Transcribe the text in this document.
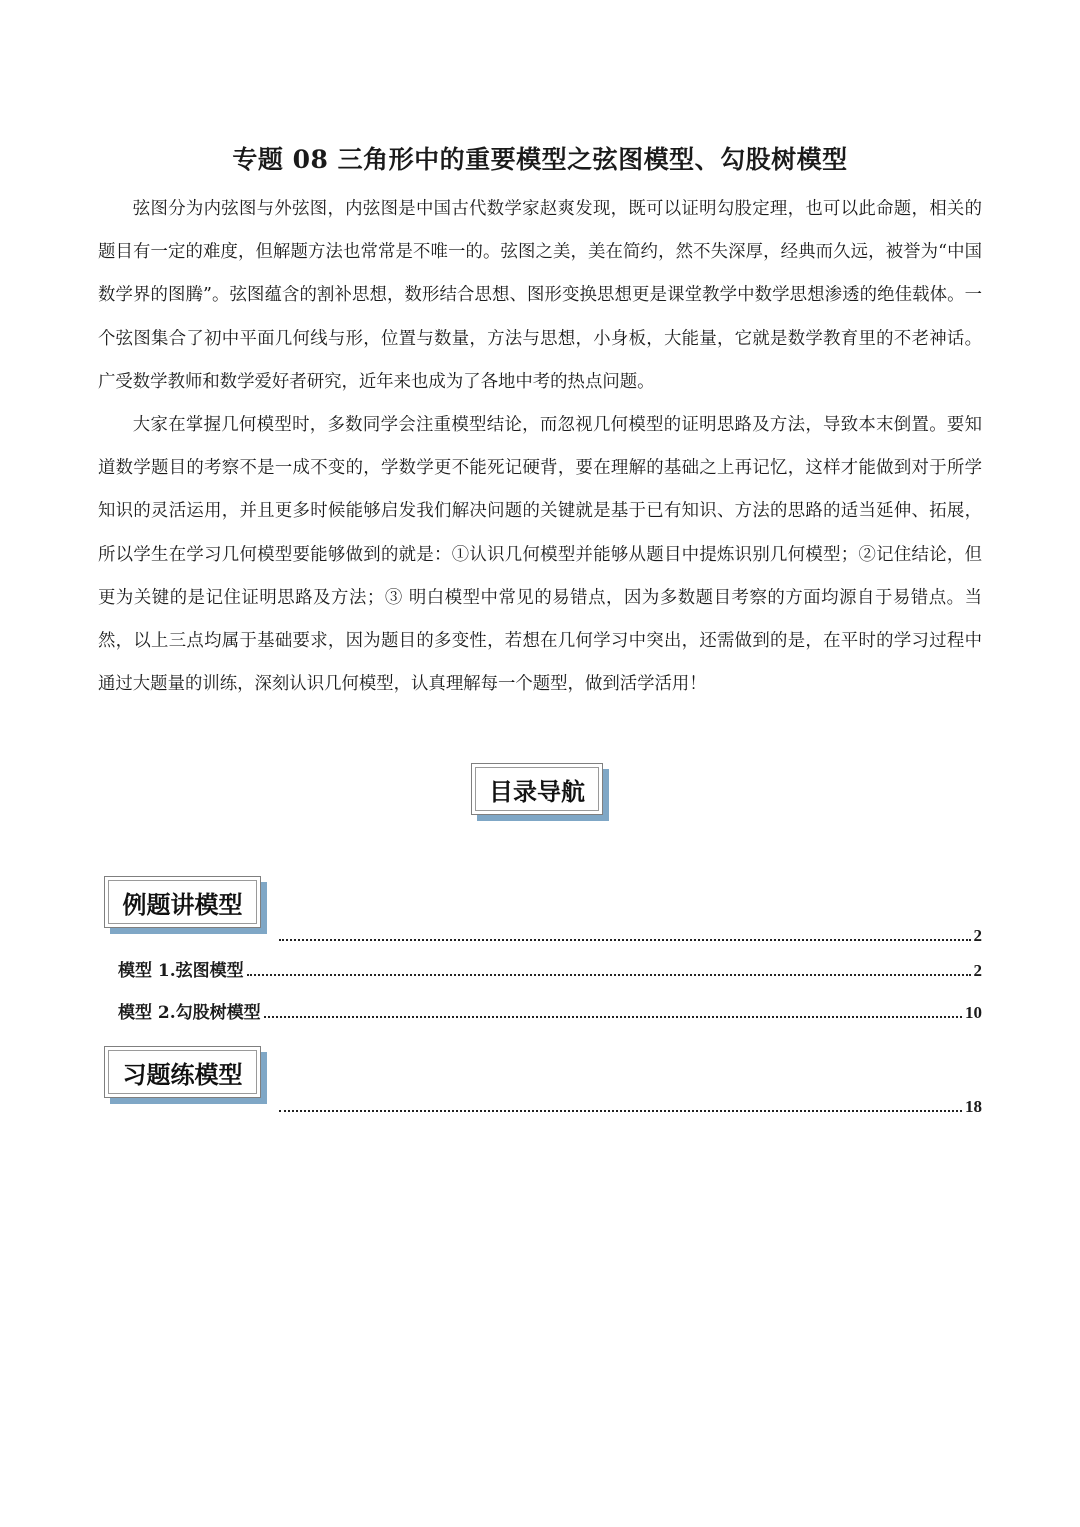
专题 08 三角形中的重要模型之弦图模型、勾股树模型

弦图分为内弦图与外弦图，内弦图是中国古代数学家赵爽发现，既可以证明勾股定理，也可以此命题，相关的题目有一定的难度，但解题方法也常常是不唯一的。弦图之美，美在简约，然不失深厚，经典而久远，被誉为“中国数学界的图腾”。弦图蕴含的割补思想，数形结合思想、图形变换思想更是课堂教学中数学思想渗透的绝佳载体。一个弦图集合了初中平面几何线与形，位置与数量，方法与思想，小身板，大能量，它就是数学教育里的不老神话。广受数学教师和数学爱好者研究，近年来也成为了各地中考的热点问题。

大家在掌握几何模型时，多数同学会注重模型结论，而忽视几何模型的证明思路及方法，导致本末倒置。要知道数学题目的考察不是一成不变的，学数学更不能死记硬背，要在理解的基础之上再记忆，这样才能做到对于所学知识的灵活运用，并且更多时候能够启发我们解决问题的关键就是基于已有知识、方法的思路的适当延伸、拓展，所以学生在学习几何模型要能够做到的就是：①认识几何模型并能够从题目中提炼识别几何模型；②记住结论，但更为关键的是记住证明思路及方法；③ 明白模型中常见的易错点，因为多数题目考察的方面均源自于易错点。当然，以上三点均属于基础要求，因为题目的多变性，若想在几何学习中突出，还需做到的是，在平时的学习过程中通过大题量的训练，深刻认识几何模型，认真理解每一个题型，做到活学活用！

目录导航
例题讲模型
2
模型 1.弦图模型	2
模型 2.勾股树模型	10
习题练模型
18
